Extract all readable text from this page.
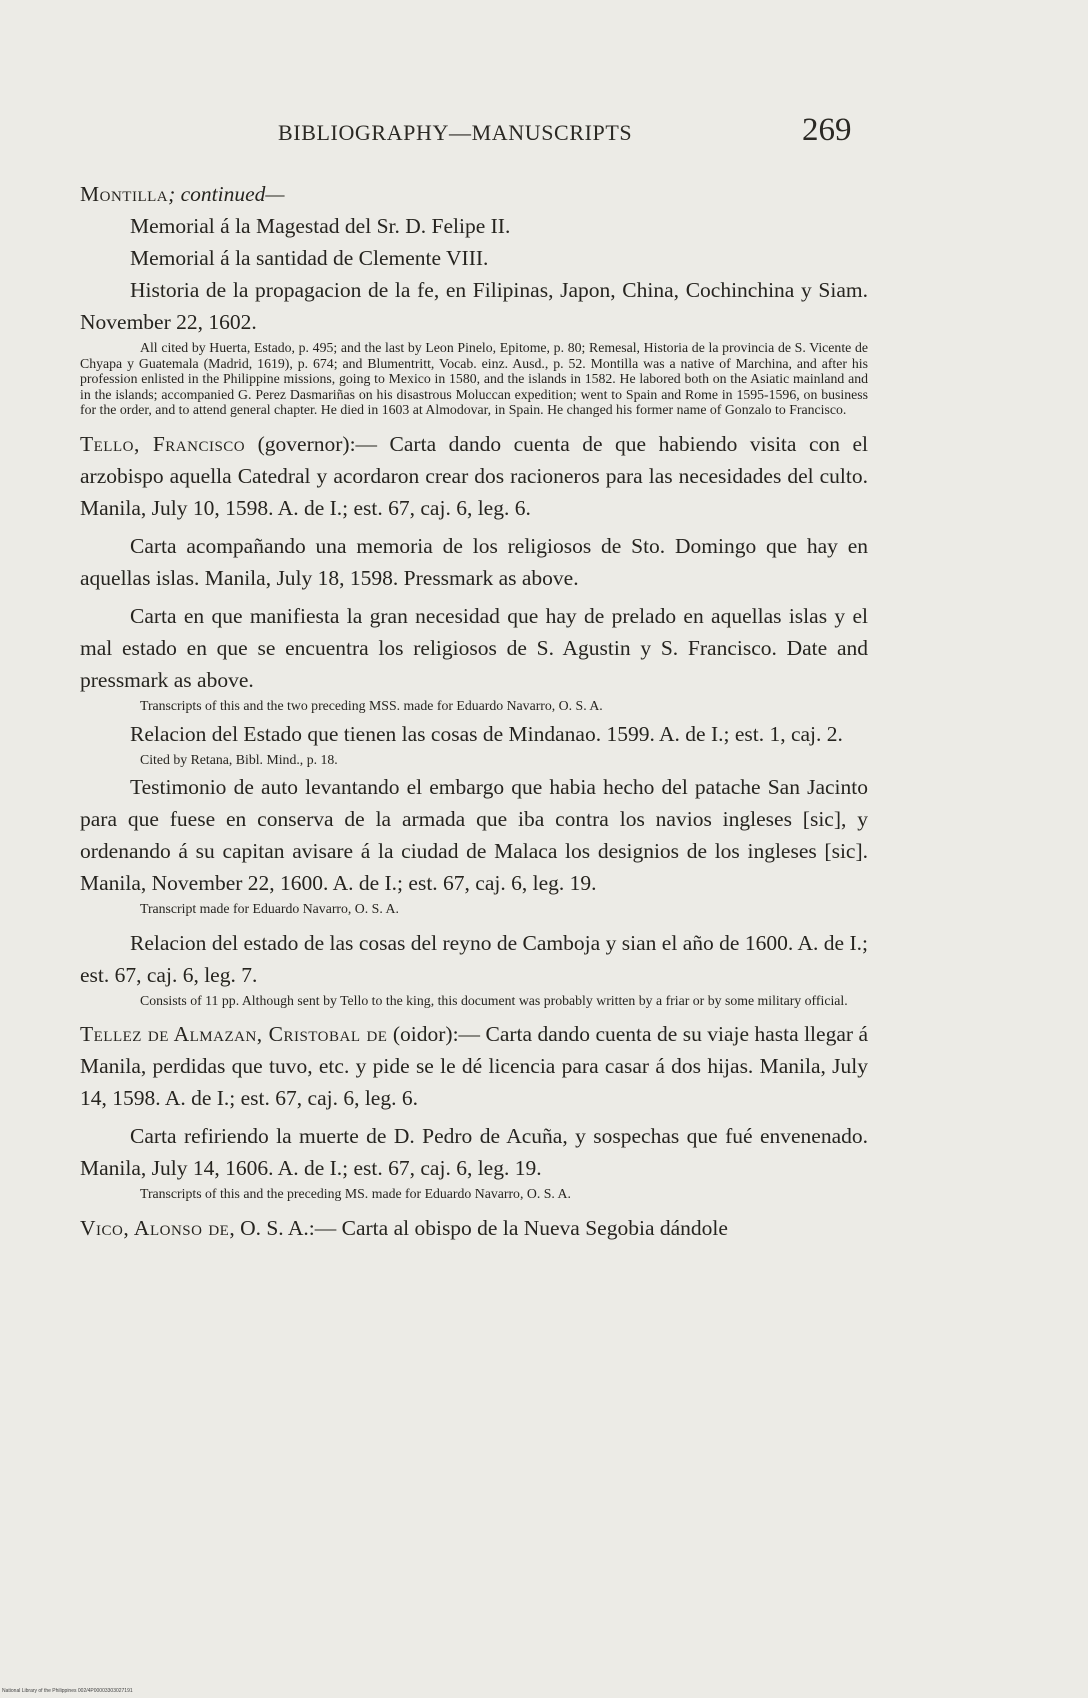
BIBLIOGRAPHY—MANUSCRIPTS	269

Montilla; continued—

Memorial á la Magestad del Sr. D. Felipe II.

Memorial á la santidad de Clemente VIII.

Historia de la propagacion de la fe, en Filipinas, Japon, China, Cochinchina y Siam. November 22, 1602.

All cited by Huerta, Estado, p. 495; and the last by Leon Pinelo, Epitome, p. 80; Remesal, Historia de la provincia de S. Vicente de Chyapa y Guatemala (Madrid, 1619), p. 674; and Blumentritt, Vocab. einz. Ausd., p. 52. Montilla was a native of Marchina, and after his profession enlisted in the Philippine missions, going to Mexico in 1580, and the islands in 1582. He labored both on the Asiatic mainland and in the islands; accompanied G. Perez Dasmariñas on his disastrous Moluccan expedition; went to Spain and Rome in 1595-1596, on business for the order, and to attend general chapter. He died in 1603 at Almodovar, in Spain. He changed his former name of Gonzalo to Francisco.

Tello, Francisco (governor):— Carta dando cuenta de que habiendo visita con el arzobispo aquella Catedral y acordaron crear dos racioneros para las necesidades del culto. Manila, July 10, 1598. A. de I.; est. 67, caj. 6, leg. 6.

Carta acompañando una memoria de los religiosos de Sto. Domingo que hay en aquellas islas. Manila, July 18, 1598. Pressmark as above.

Carta en que manifiesta la gran necesidad que hay de prelado en aquellas islas y el mal estado en que se encuentra los religiosos de S. Agustin y S. Francisco. Date and pressmark as above.

Transcripts of this and the two preceding MSS. made for Eduardo Navarro, O. S. A.

Relacion del Estado que tienen las cosas de Mindanao. 1599. A. de I.; est. 1, caj. 2.

Cited by Retana, Bibl. Mind., p. 18.

Testimonio de auto levantando el embargo que habia hecho del patache San Jacinto para que fuese en conserva de la armada que iba contra los navios ingleses [sic], y ordenando á su capitan avisare á la ciudad de Malaca los designios de los ingleses [sic]. Manila, November 22, 1600. A. de I.; est. 67, caj. 6, leg. 19.

Transcript made for Eduardo Navarro, O. S. A.

Relacion del estado de las cosas del reyno de Camboja y sian el año de 1600. A. de I.; est. 67, caj. 6, leg. 7.

Consists of 11 pp. Although sent by Tello to the king, this document was probably written by a friar or by some military official.

Tellez de Almazan, Cristobal de (oidor):— Carta dando cuenta de su viaje hasta llegar á Manila, perdidas que tuvo, etc. y pide se le dé licencia para casar á dos hijas. Manila, July 14, 1598. A. de I.; est. 67, caj. 6, leg. 6.

Carta refiriendo la muerte de D. Pedro de Acuña, y sospechas que fué envenenado. Manila, July 14, 1606. A. de I.; est. 67, caj. 6, leg. 19.

Transcripts of this and the preceding MS. made for Eduardo Navarro, O. S. A.

Vico, Alonso de, O. S. A.:— Carta al obispo de la Nueva Segobia dándole

National Library of the Philippines 002/4P00003303027191
